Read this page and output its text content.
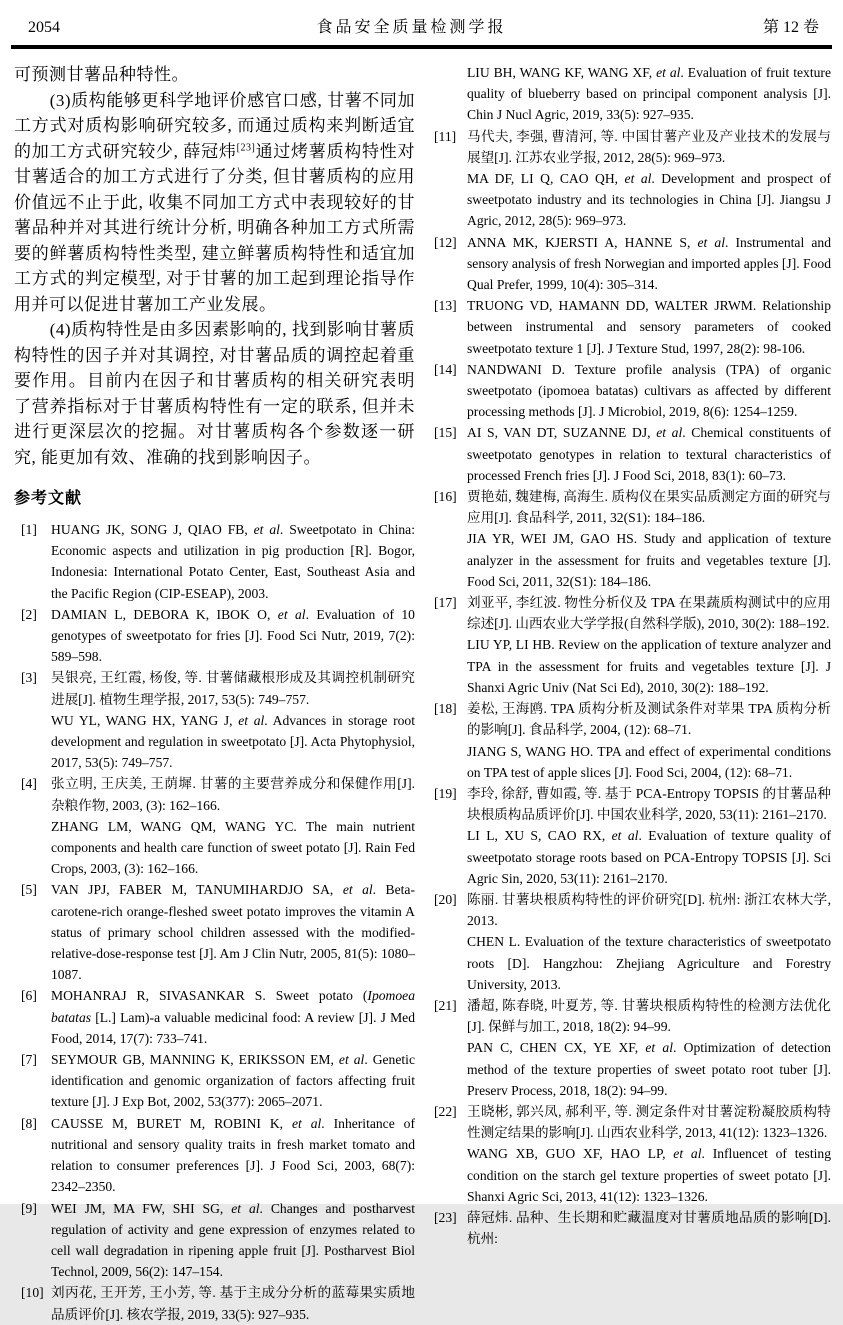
2054	食品安全质量检测学报	第 12 卷

可预测甘薯品种特性。

(3)质构能够更科学地评价感官口感, 甘薯不同加工方式对质构影响研究较多, 而通过质构来判断适宜的加工方式研究较少, 薛冠炜[23]通过烤薯质构特性对甘薯适合的加工方式进行了分类, 但甘薯质构的应用价值远不止于此, 收集不同加工方式中表现较好的甘薯品种并对其进行统计分析, 明确各种加工方式所需要的鲜薯质构特性类型, 建立鲜薯质构特性和适宜加工方式的判定模型, 对于甘薯的加工起到理论指导作用并可以促进甘薯加工产业发展。

(4)质构特性是由多因素影响的, 找到影响甘薯质构特性的因子并对其调控, 对甘薯品质的调控起着重要作用。目前内在因子和甘薯质构的相关研究表明了营养指标对于甘薯质构特性有一定的联系, 但并未进行更深层次的挖掘。对甘薯质构各个参数逐一研究, 能更加有效、准确的找到影响因子。

参考文献
[1]	HUANG JK, SONG J, QIAO FB, et al. Sweetpotato in China: Economic aspects and utilization in pig production [R]. Bogor, Indonesia: International Potato Center, East, Southeast Asia and the Pacific Region (CIP-ESEAP), 2003.

[2]	DAMIAN L, DEBORA K, IBOK O, et al. Evaluation of 10 genotypes of sweetpotato for fries [J]. Food Sci Nutr, 2019, 7(2): 589–598.

[3]	吴银亮, 王红霞, 杨俊, 等. 甘薯储藏根形成及其调控机制研究进展[J]. 植物生理学报, 2017, 53(5): 749–757.

WU YL, WANG HX, YANG J, et al. Advances in storage root development and regulation in sweetpotato [J]. Acta Phytophysiol, 2017, 53(5): 749–757.

[4]	张立明, 王庆美, 王荫墀. 甘薯的主要营养成分和保健作用[J]. 杂粮作物, 2003, (3): 162–166.

ZHANG LM, WANG QM, WANG YC. The main nutrient components and health care function of sweet potato [J]. Rain Fed Crops, 2003, (3): 162–166.

[5]	VAN JPJ, FABER M, TANUMIHARDJO SA, et al. Beta-carotene-rich orange-fleshed sweet potato improves the vitamin A status of primary school children assessed with the modified-relative-dose-response test [J]. Am J Clin Nutr, 2005, 81(5): 1080–1087.

[6]	MOHANRAJ R, SIVASANKAR S. Sweet potato (Ipomoea batatas [L.] Lam)-a valuable medicinal food: A review [J]. J Med Food, 2014, 17(7): 733–741.

[7]	SEYMOUR GB, MANNING K, ERIKSSON EM, et al. Genetic identification and genomic organization of factors affecting fruit texture [J]. J Exp Bot, 2002, 53(377): 2065–2071.

[8]	CAUSSE M, BURET M, ROBINI K, et al. Inheritance of nutritional and sensory quality traits in fresh market tomato and relation to consumer preferences [J]. J Food Sci, 2003, 68(7): 2342–2350.

[9]	WEI JM, MA FW, SHI SG, et al. Changes and postharvest regulation of activity and gene expression of enzymes related to cell wall degradation in ripening apple fruit [J]. Postharvest Biol Technol, 2009, 56(2): 147–154.

[10] 刘丙花, 王开芳, 王小芳, 等. 基于主成分分析的蓝莓果实质地品质评价[J]. 核农学报, 2019, 33(5): 927–935.

LIU BH, WANG KF, WANG XF, et al. Evaluation of fruit texture quality of blueberry based on principal component analysis [J]. Chin J Nucl Agric, 2019, 33(5): 927–935.

[11] 马代夫, 李强, 曹清河, 等. 中国甘薯产业及产业技术的发展与展望[J]. 江苏农业学报, 2012, 28(5): 969–973.

MA DF, LI Q, CAO QH, et al. Development and prospect of sweetpotato industry and its technologies in China [J]. Jiangsu J Agric, 2012, 28(5): 969–973.

[12] ANNA MK, KJERSTI A, HANNE S, et al. Instrumental and sensory analysis of fresh Norwegian and imported apples [J]. Food Qual Prefer, 1999, 10(4): 305–314.

[13] TRUONG VD, HAMANN DD, WALTER JRWM. Relationship between instrumental and sensory parameters of cooked sweetpotato texture 1 [J]. J Texture Stud, 1997, 28(2): 98-106.

[14] NANDWANI D. Texture profile analysis (TPA) of organic sweetpotato (ipomoea batatas) cultivars as affected by different processing methods [J]. J Microbiol, 2019, 8(6): 1254–1259.

[15] AI S, VAN DT, SUZANNE DJ, et al. Chemical constituents of sweetpotato genotypes in relation to textural characteristics of processed French fries [J]. J Food Sci, 2018, 83(1): 60–73.

[16] 贾艳茹, 魏建梅, 高海生. 质构仪在果实品质测定方面的研究与应用[J]. 食品科学, 2011, 32(S1): 184–186.

JIA YR, WEI JM, GAO HS. Study and application of texture analyzer in the assessment for fruits and vegetables texture [J]. Food Sci, 2011, 32(S1): 184–186.

[17] 刘亚平, 李红波. 物性分析仪及 TPA 在果蔬质构测试中的应用综述[J]. 山西农业大学学报(自然科学版), 2010, 30(2): 188–192.

LIU YP, LI HB. Review on the application of texture analyzer and TPA in the assessment for fruits and vegetables texture [J]. J Shanxi Agric Univ (Nat Sci Ed), 2010, 30(2): 188–192.

[18] 姜松, 王海鸥. TPA 质构分析及测试条件对苹果 TPA 质构分析的影响[J]. 食品科学, 2004, (12): 68–71.

JIANG S, WANG HO. TPA and effect of experimental conditions on TPA test of apple slices [J]. Food Sci, 2004, (12): 68–71.

[19] 李玲, 徐舒, 曹如霞, 等. 基于 PCA-Entropy TOPSIS 的甘薯品种块根质构品质评价[J]. 中国农业科学, 2020, 53(11): 2161–2170.

LI L, XU S, CAO RX, et al. Evaluation of texture quality of sweetpotato storage roots based on PCA-Entropy TOPSIS [J]. Sci Agric Sin, 2020, 53(11): 2161–2170.

[20] 陈丽. 甘薯块根质构特性的评价研究[D]. 杭州: 浙江农林大学, 2013.

CHEN L. Evaluation of the texture characteristics of sweetpotato roots [D]. Hangzhou: Zhejiang Agriculture and Forestry University, 2013.

[21] 潘超, 陈春晓, 叶夏芳, 等. 甘薯块根质构特性的检测方法优化[J]. 保鲜与加工, 2018, 18(2): 94–99.

PAN C, CHEN CX, YE XF, et al. Optimization of detection method of the texture properties of sweet potato root tuber [J]. Preserv Process, 2018, 18(2): 94–99.

[22] 王晓彬, 郭兴凤, 郝利平, 等. 测定条件对甘薯淀粉凝胶质构特性测定结果的影响[J]. 山西农业科学, 2013, 41(12): 1323–1326.

WANG XB, GUO XF, HAO LP, et al. Influencet of testing condition on the starch gel texture properties of sweet potato [J]. Shanxi Agric Sci, 2013, 41(12): 1323–1326.

[23] 薛冠炜. 品种、生长期和贮藏温度对甘薯质地品质的影响[D]. 杭州:
